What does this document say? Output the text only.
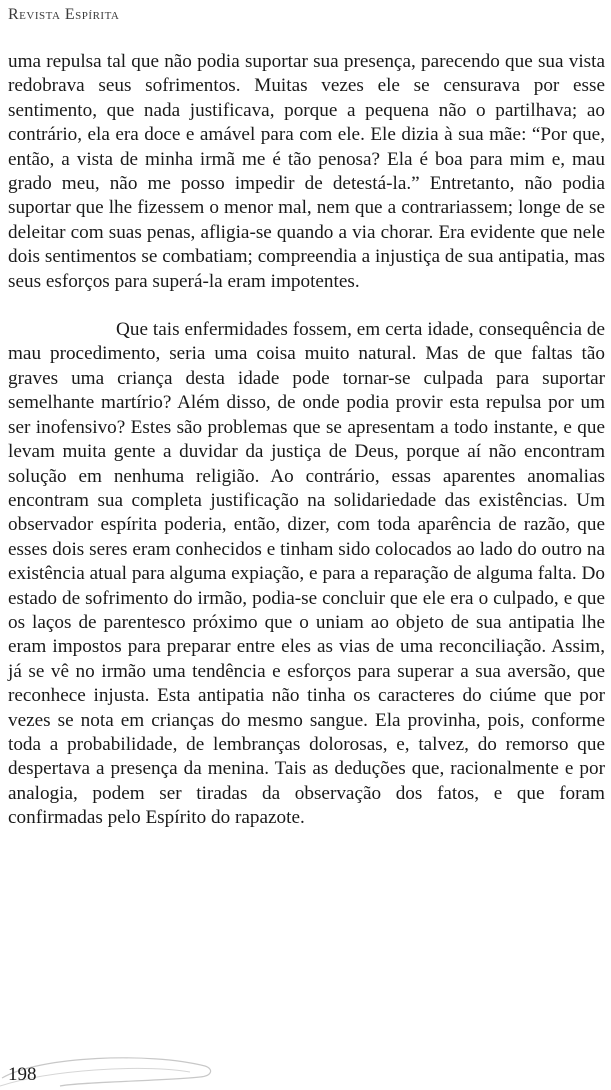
Revista Espírita

uma repulsa tal que não podia suportar sua presença, parecendo que sua vista redobrava seus sofrimentos. Muitas vezes ele se censurava por esse sentimento, que nada justificava, porque a pequena não o partilhava; ao contrário, ela era doce e amável para com ele. Ele dizia à sua mãe: “Por que, então, a vista de minha irmã me é tão penosa? Ela é boa para mim e, mau grado meu, não me posso impedir de detestá-la.” Entretanto, não podia suportar que lhe fizessem o menor mal, nem que a contrariassem; longe de se deleitar com suas penas, afligia-se quando a via chorar. Era evidente que nele dois sentimentos se combatiam; compreendia a injustiça de sua antipatia, mas seus esforços para superá-la eram impotentes.

Que tais enfermidades fossem, em certa idade, consequência de mau procedimento, seria uma coisa muito natural. Mas de que faltas tão graves uma criança desta idade pode tornar-se culpada para suportar semelhante martírio? Além disso, de onde podia provir esta repulsa por um ser inofensivo? Estes são problemas que se apresentam a todo instante, e que levam muita gente a duvidar da justiça de Deus, porque aí não encontram solução em nenhuma religião. Ao contrário, essas aparentes anomalias encontram sua completa justificação na solidariedade das existências. Um observador espírita poderia, então, dizer, com toda aparência de razão, que esses dois seres eram conhecidos e tinham sido colocados ao lado do outro na existência atual para alguma expiação, e para a reparação de alguma falta. Do estado de sofrimento do irmão, podia-se concluir que ele era o culpado, e que os laços de parentesco próximo que o uniam ao objeto de sua antipatia lhe eram impostos para preparar entre eles as vias de uma reconciliação. Assim, já se vê no irmão uma tendência e esforços para superar a sua aversão, que reconhece injusta. Esta antipatia não tinha os caracteres do ciúme que por vezes se nota em crianças do mesmo sangue. Ela provinha, pois, conforme toda a probabilidade, de lembranças dolorosas, e, talvez, do remorso que despertava a presença da menina. Tais as deduções que, racionalmente e por analogia, podem ser tiradas da observação dos fatos, e que foram confirmadas pelo Espírito do rapazote.

198
